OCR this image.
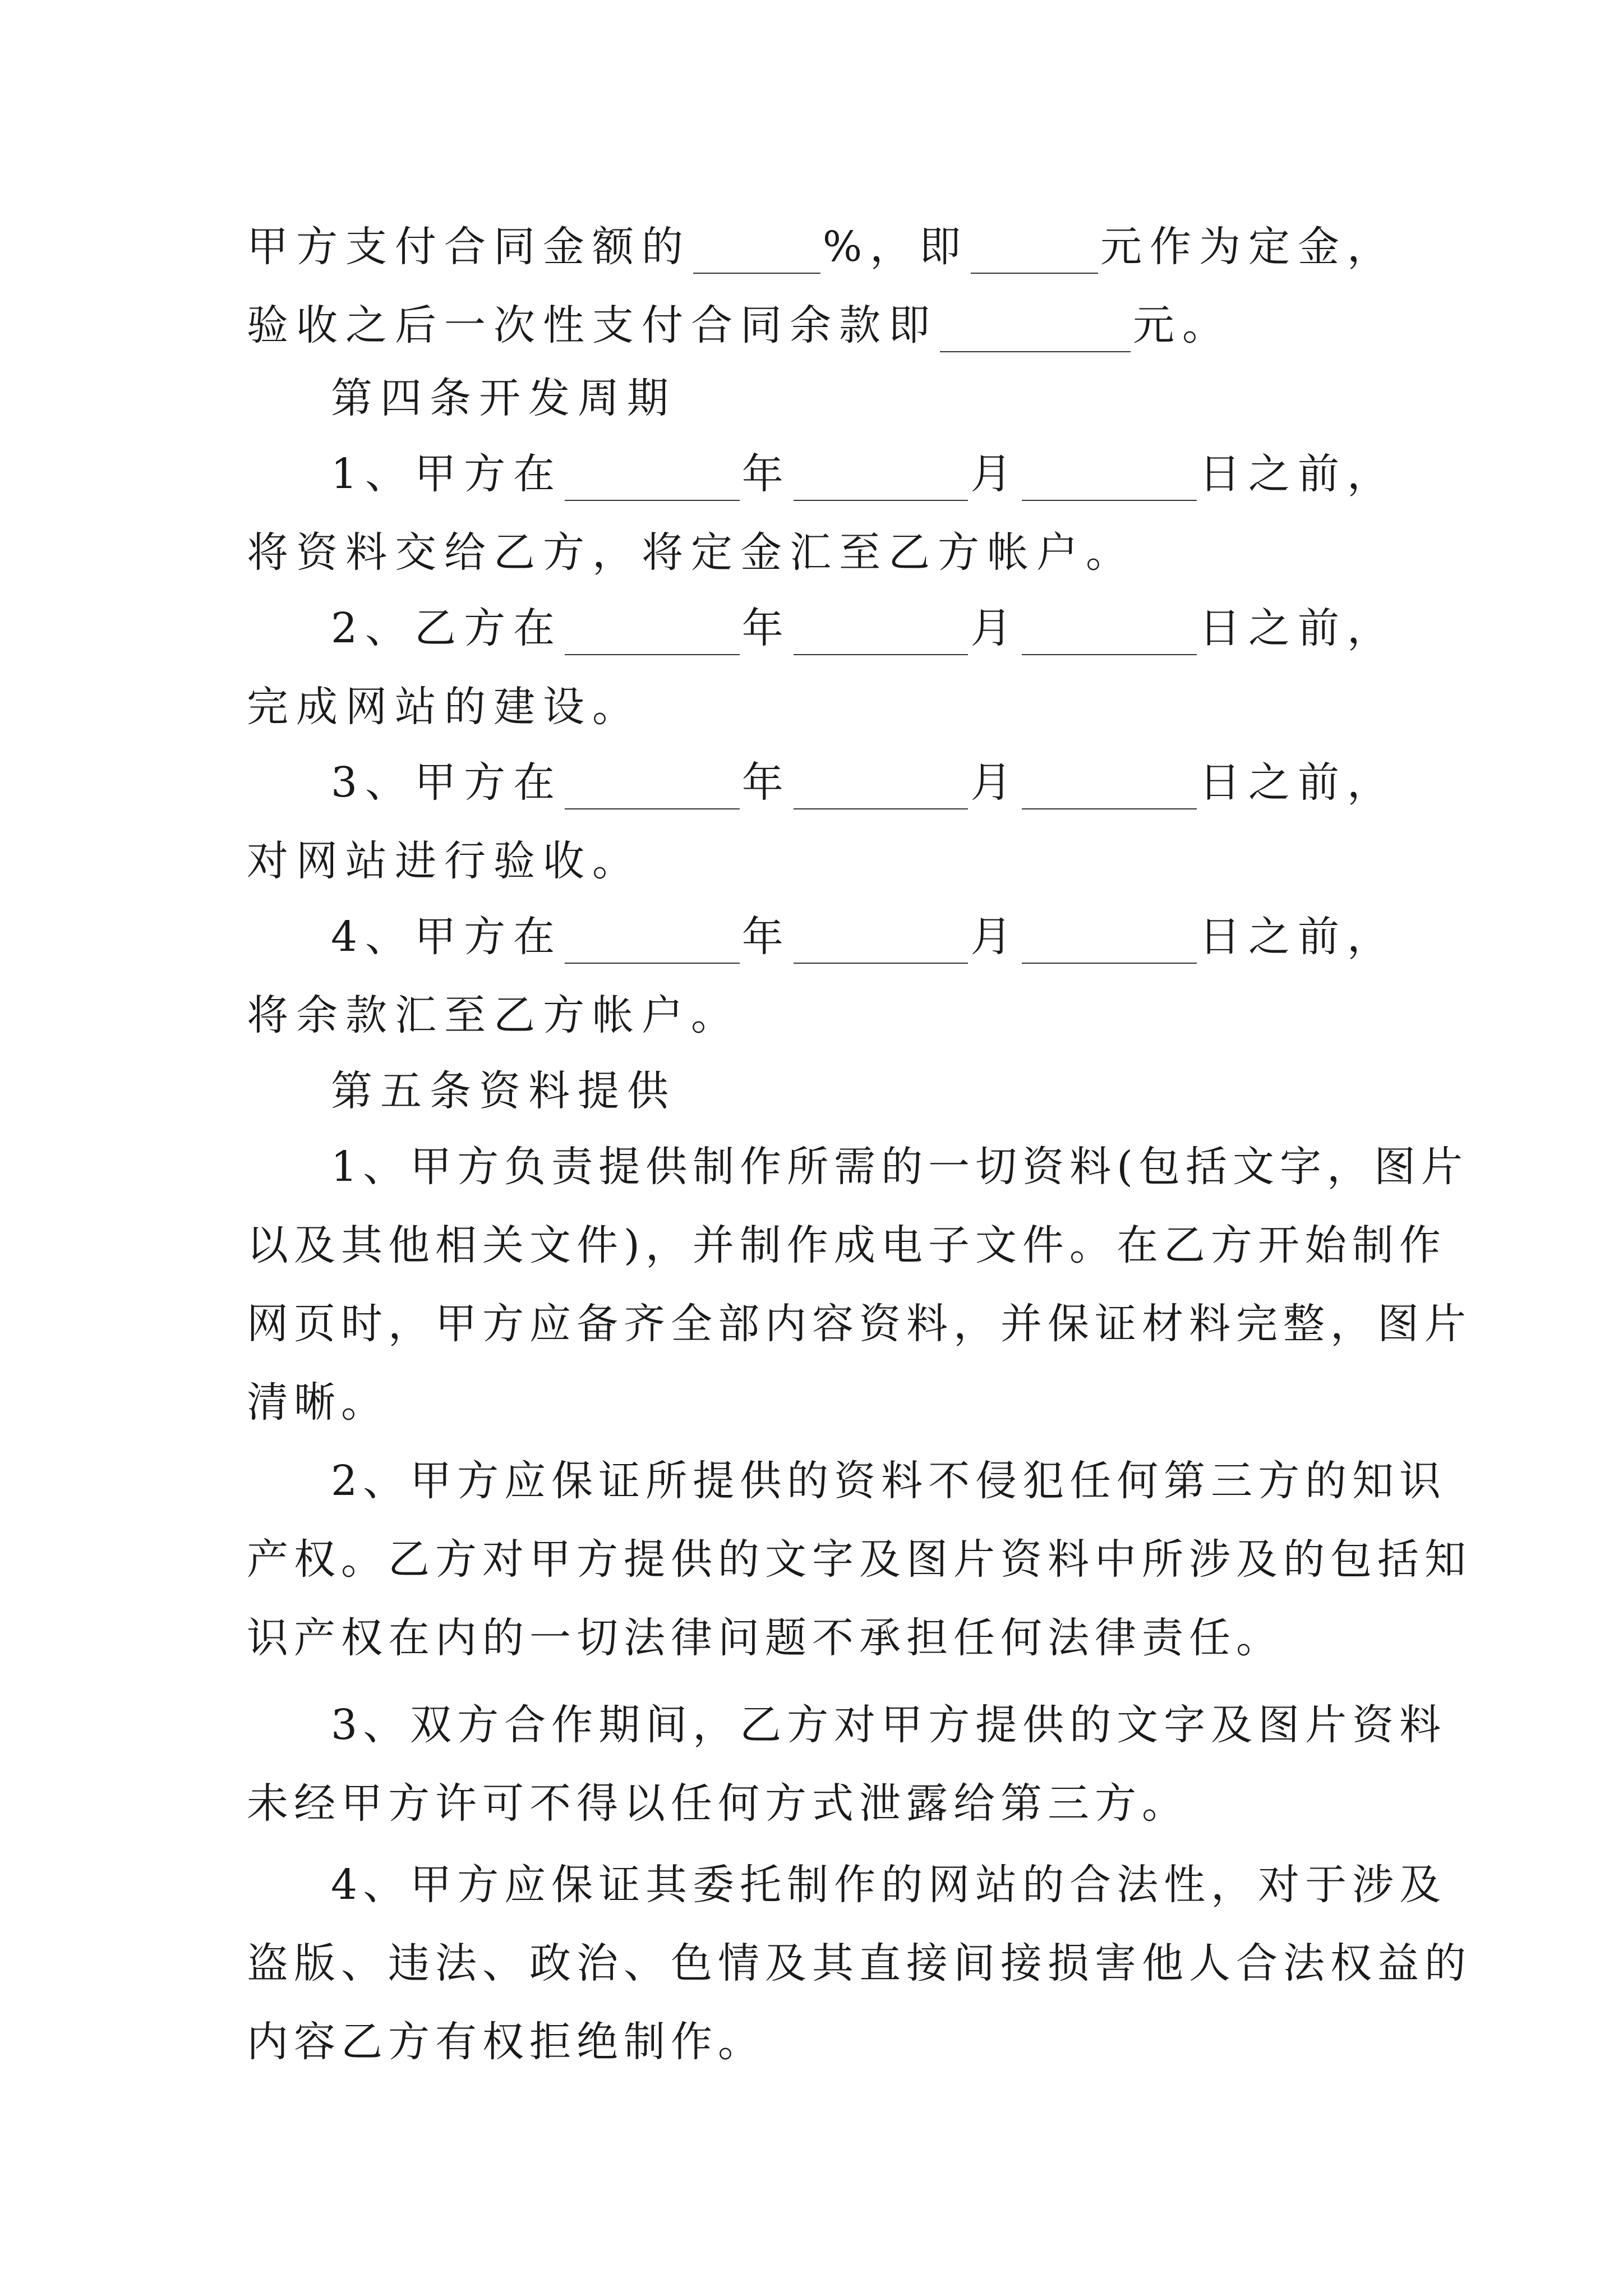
甲方支付合同金额的	%，即	元作为定金，
验收之后一次性支付合同余款即	元。
第四条开发周期
1、甲方在	年	月	日之前，
将资料交给乙方，将定金汇至乙方帐户。
2、乙方在	年	月	日之前，
完成网站的建设。
3、甲方在	年	月	日之前，
对网站进行验收。
4、甲方在	年	月	日之前，
将余款汇至乙方帐户。
第五条资料提供
1、甲方负责提供制作所需的一切资料(包括文字，图片
以及其他相关文件)，并制作成电子文件。在乙方开始制作
网页时，甲方应备齐全部内容资料，并保证材料完整，图片
清晰。
2、甲方应保证所提供的资料不侵犯任何第三方的知识
产权。乙方对甲方提供的文字及图片资料中所涉及的包括知
识产权在内的一切法律问题不承担任何法律责任。
3、双方合作期间，乙方对甲方提供的文字及图片资料
未经甲方许可不得以任何方式泄露给第三方。
4、甲方应保证其委托制作的网站的合法性，对于涉及
盗版、违法、政治、色情及其直接间接损害他人合法权益的
内容乙方有权拒绝制作。
